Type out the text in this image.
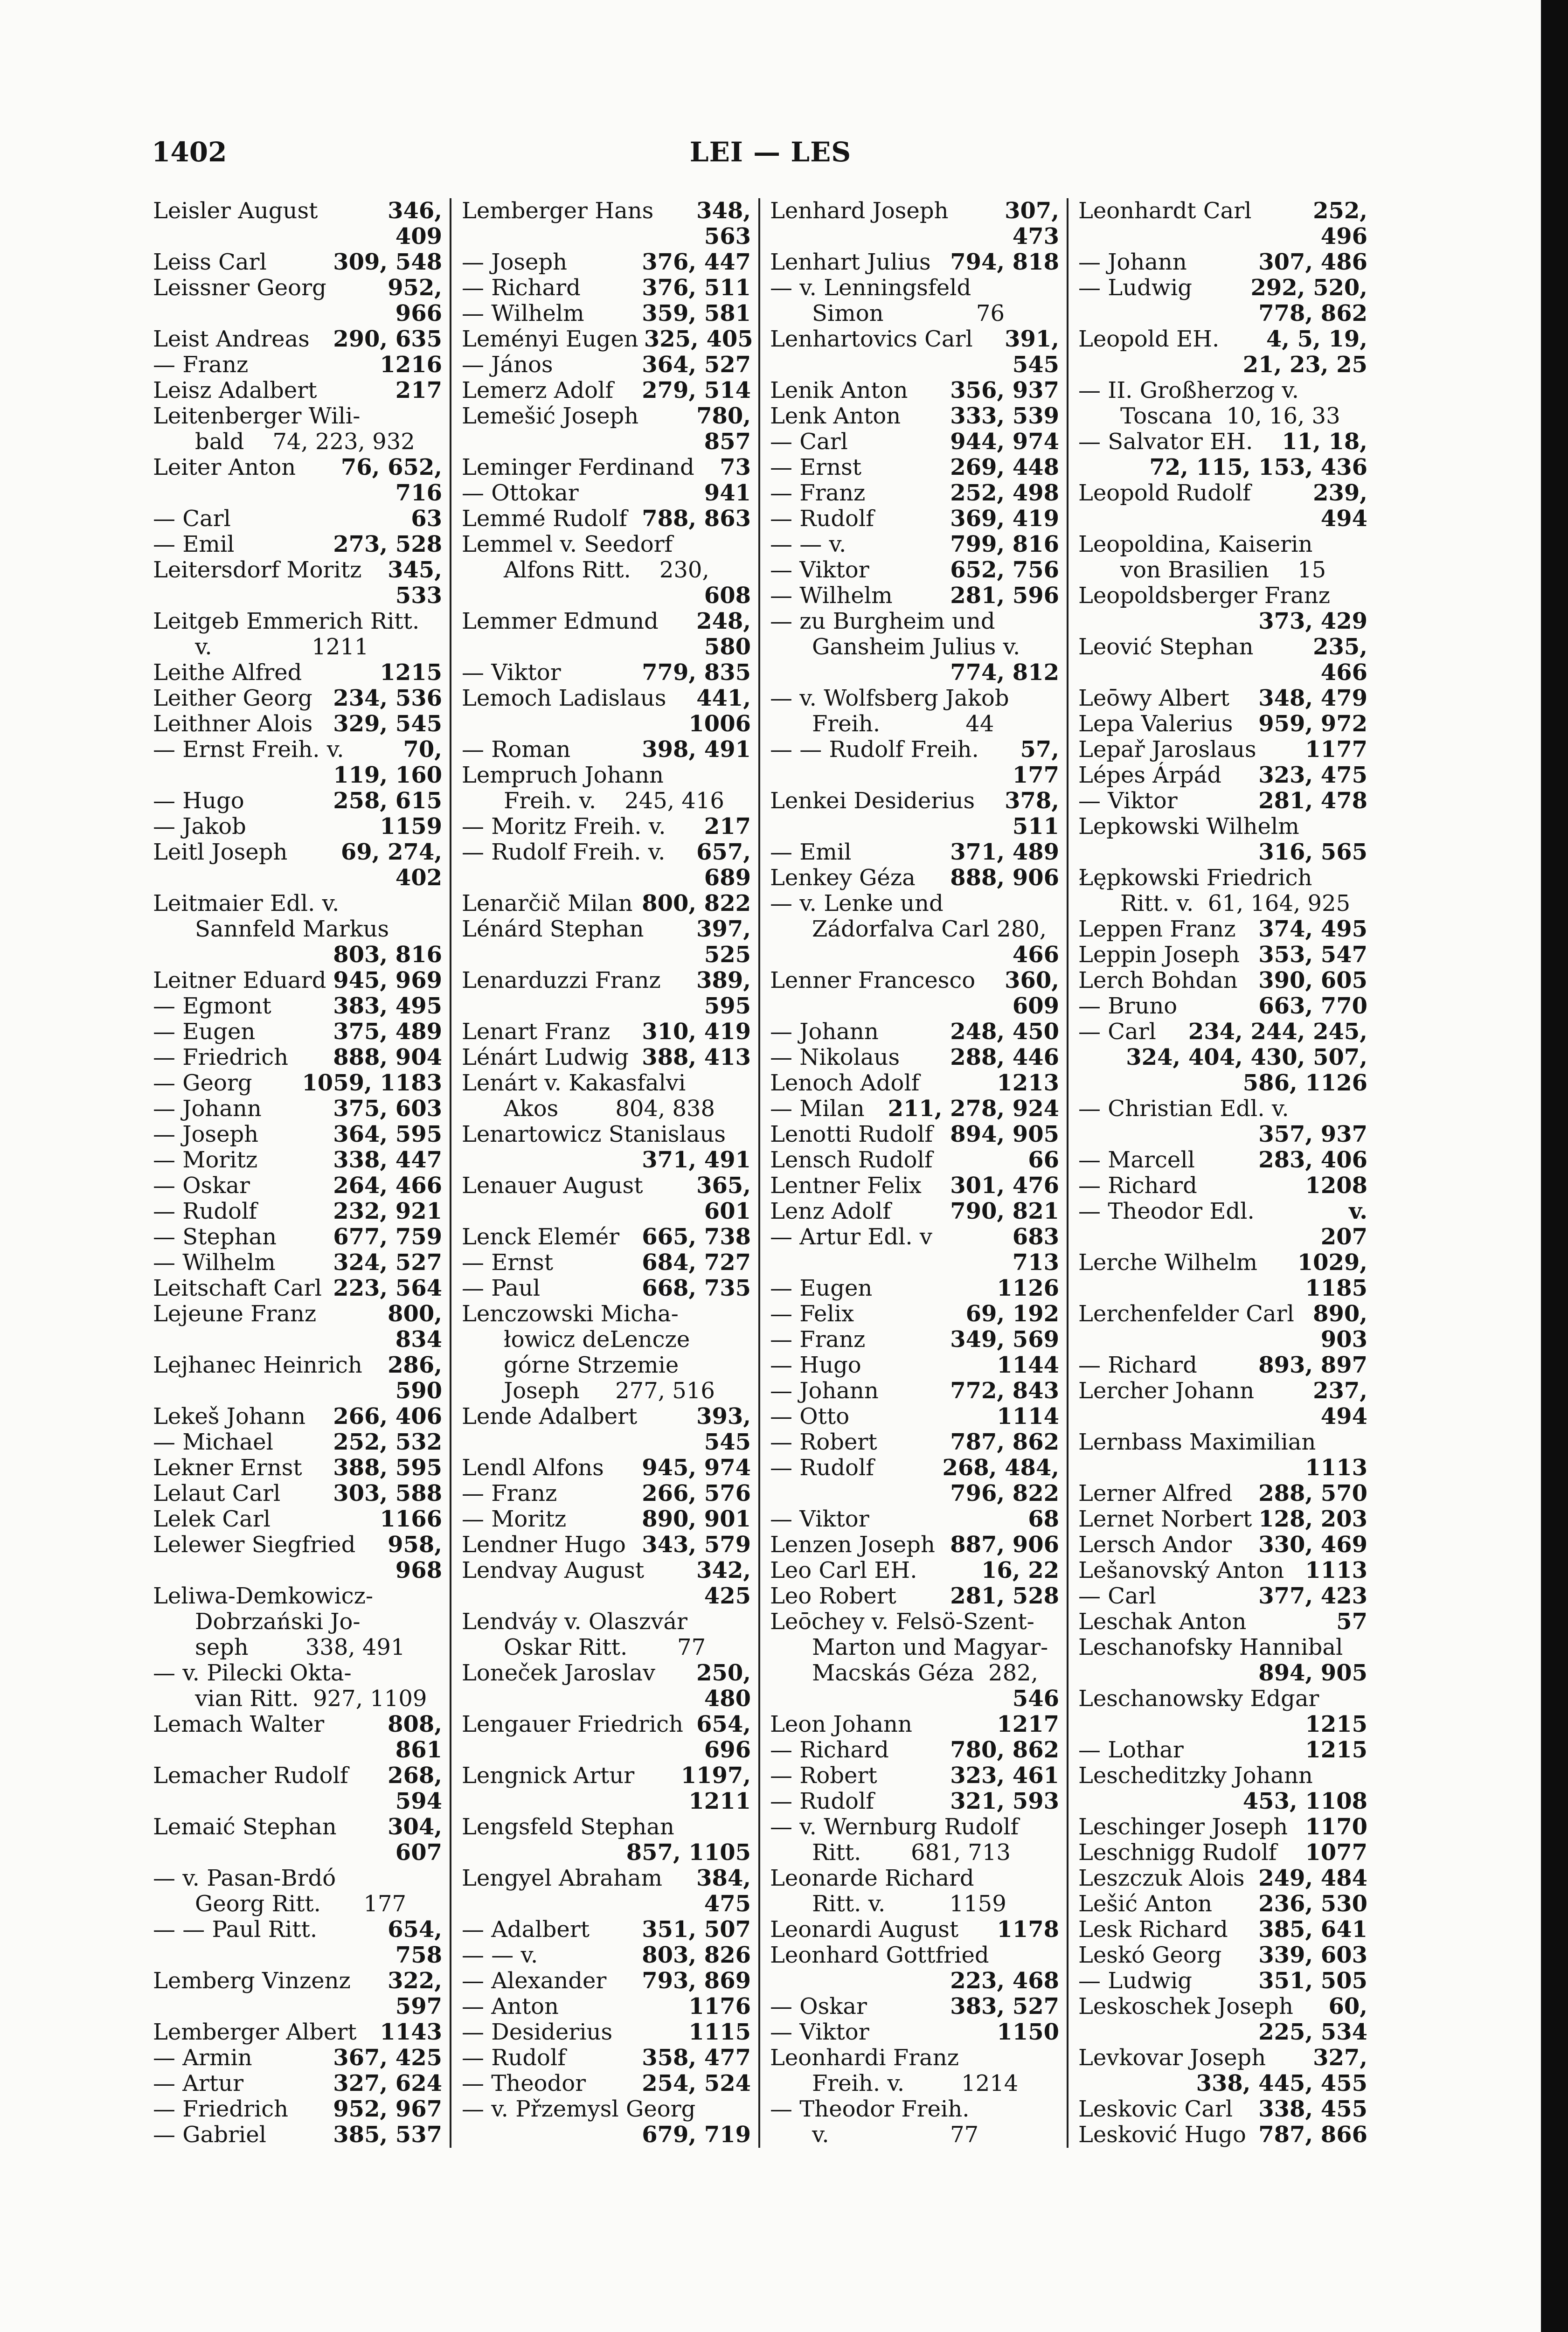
1402	LEI — LES
Leisler August	346,
409
Leiss Carl	309, 548
Leissner Georg	952,
966
Leist Andreas 290, 635
— Franz	1216
Leisz Adalbert	217
Leitenberger Wili-
bald    74, 223, 932
Leiter Anton 76, 652,
716
— Carl	63
— Emil	273, 528
Leitersdorf Moritz 345,
533
Leitgeb Emmerich Ritt.
v.              1211
Leithe Alfred	1215
Leither Georg 234, 536
Leithner Alois 329, 545
— Ernst Freih. v.	70,
119, 160
— Hugo	258, 615
— Jakob	1159
Leitl Joseph 69, 274,
402
Leitmaier Edl. v.
Sannfeld Markus
803, 816
Leitner Eduard 945, 969
— Egmont	383, 495
— Eugen	375, 489
— Friedrich 888, 904
— Georg 1059, 1183
— Johann	375, 603
— Joseph	364, 595
— Moritz	338, 447
— Oskar	264, 466
— Rudolf	232, 921
— Stephan	677, 759
— Wilhelm	324, 527
Leitschaft Carl 223, 564
Lejeune Franz	800,
834
Lejhanec Heinrich 286,
590
Lekeš Johann 266, 406
— Michael	252, 532
Lekner Ernst 388, 595
Lelaut Carl 303, 588
Lelek Carl	1166
Lelewer Siegfried 958,
968
Leliwa-Demkowicz-
Dobrzański Jo-
seph        338, 491
— v. Pilecki Okta-
vian Ritt.  927, 1109
Lemach Walter	808,
861
Lemacher Rudolf 268,
594
Lemaić Stephan 304,
607
— v. Pasan-Brdó
Georg Ritt.      177
— — Paul Ritt.	654,
758
Lemberg Vinzenz 322,
597
Lemberger Albert 1143
— Armin	367, 425
— Artur	327, 624
— Friedrich 952, 967
— Gabriel	385, 537
Lemberger Hans 348,
563
— Joseph	376, 447
— Richard	376, 511
— Wilhelm	359, 581
Leményi Eugen 325, 405
— János	364, 527
Lemerz Adolf 279, 514
Lemešić Joseph	780,
857
Leminger Ferdinand 73
— Ottokar	941
Lemmé Rudolf 788, 863
Lemmel v. Seedorf
Alfons Ritt.    230,
608
Lemmer Edmund 248,
580
— Viktor	779, 835
Lemoch Ladislaus 441,
1006
— Roman	398, 491
Lempruch Johann
Freih. v.    245, 416
— Moritz Freih. v. 217
— Rudolf Freih. v. 657,
689
Lenarčič Milan 800, 822
Lénárd Stephan 397,
525
Lenarduzzi Franz 389,
595
Lenart Franz 310, 419
Lénárt Ludwig 388, 413
Lenárt v. Kakasfalvi
Akos        804, 838
Lenartowicz Stanislaus
371, 491
Lenauer August 365,
601
Lenck Elemér 665, 738
— Ernst	684, 727
— Paul	668, 735
Lenczowski Micha-
łowicz deLencze
górne Strzemie
Joseph     277, 516
Lende Adalbert	393,
545
Lendl Alfons 945, 974
— Franz	266, 576
— Moritz	890, 901
Lendner Hugo 343, 579
Lendvay August 342,
425
Lendváy v. Olaszvár
Oskar Ritt.       77
Loneček Jaroslav 250,
480
Lengauer Friedrich 654,
696
Lengnick Artur 1197,
1211
Lengsfeld Stephan
857, 1105
Lengyel Abraham 384,
475
— Adalbert 351, 507
— — v.	803, 826
— Alexander 793, 869
— Anton	1176
— Desiderius	1115
— Rudolf	358, 477
— Theodor	254, 524
— v. Přzemysl Georg
679, 719
Lenhard Joseph	307,
473
Lenhart Julius 794, 818
— v. Lenningsfeld
Simon             76
Lenhartovics Carl 391,
545
Lenik Anton 356, 937
Lenk Anton 333, 539
— Carl	944, 974
— Ernst	269, 448
— Franz	252, 498
— Rudolf	369, 419
— — v.	799, 816
— Viktor	652, 756
— Wilhelm	281, 596
— zu Burgheim und
Gansheim Julius v.
774, 812
— v. Wolfsberg Jakob
Freih.            44
— — Rudolf Freih. 57,
177
Lenkei Desiderius 378,
511
— Emil	371, 489
Lenkey Géza 888, 906
— v. Lenke und
Zádorfalva Carl 280,
466
Lenner Francesco 360,
609
— Johann	248, 450
— Nikolaus 288, 446
Lenoch Adolf	1213
— Milan 211, 278, 924
Lenotti Rudolf 894, 905
Lensch Rudolf	66
Lentner Felix 301, 476
Lenz Adolf	790, 821
— Artur Edl. v	683
713
— Eugen	1126
— Felix	69, 192
— Franz	349, 569
— Hugo	1144
— Johann	772, 843
— Otto	1114
— Robert	787, 862
— Rudolf	268, 484,
796, 822
— Viktor	68
Lenzen Joseph 887, 906
Leo Carl EH.	16, 22
Leo Robert 281, 528
Leōchey v. Felsö-Szent-
Marton und Magyar-
Macskás Géza  282,
546
Leon Johann	1217
— Richard	780, 862
— Robert	323, 461
— Rudolf	321, 593
— v. Wernburg Rudolf
Ritt.       681, 713
Leonarde Richard
Ritt. v.         1159
Leonardi August 1178
Leonhard Gottfried
223, 468
— Oskar	383, 527
— Viktor	1150
Leonhardi Franz
Freih. v.        1214
— Theodor Freih.
v.                 77
Leonhardt Carl	252,
496
— Johann	307, 486
— Ludwig	292, 520,
778, 862
Leopold EH. 4, 5, 19,
21, 23, 25
— II. Großherzog v.
Toscana  10, 16, 33
— Salvator EH. 11, 18,
72, 115, 153, 436
Leopold Rudolf	239,
494
Leopoldina, Kaiserin
von Brasilien    15
Leopoldsberger Franz
373, 429
Leović Stephan	235,
466
Leōwy Albert 348, 479
Lepa Valerius 959, 972
Lepař Jaroslaus 1177
Lépes Árpád 323, 475
— Viktor	281, 478
Lepkowski Wilhelm
316, 565
Łępkowski Friedrich
Ritt. v.  61, 164, 925
Leppen Franz 374, 495
Leppin Joseph 353, 547
Lerch Bohdan 390, 605
— Bruno	663, 770
— Carl 234, 244, 245,
324, 404, 430, 507,
586, 1126
— Christian Edl. v.
357, 937
— Marcell	283, 406
— Richard	1208
— Theodor Edl.	v.
207
Lerche Wilhelm 1029,
1185
Lerchenfelder Carl 890,
903
— Richard	893, 897
Lercher Johann	237,
494
Lernbass Maximilian
1113
Lerner Alfred 288, 570
Lernet Norbert 128, 203
Lersch Andor 330, 469
Lešanovský Anton 1113
— Carl	377, 423
Leschak Anton	57
Leschanofsky Hannibal
894, 905
Leschanowsky Edgar
1215
— Lothar	1215
Lescheditzky Johann
453, 1108
Leschinger Joseph 1170
Leschnigg Rudolf 1077
Leszczuk Alois 249, 484
Lešić Anton 236, 530
Lesk Richard 385, 641
Leskó Georg 339, 603
— Ludwig	351, 505
Leskoschek Joseph 60,
225, 534
Levkovar Joseph 327,
338, 445, 455
Leskovic Carl 338, 455
Lesković Hugo 787, 866
